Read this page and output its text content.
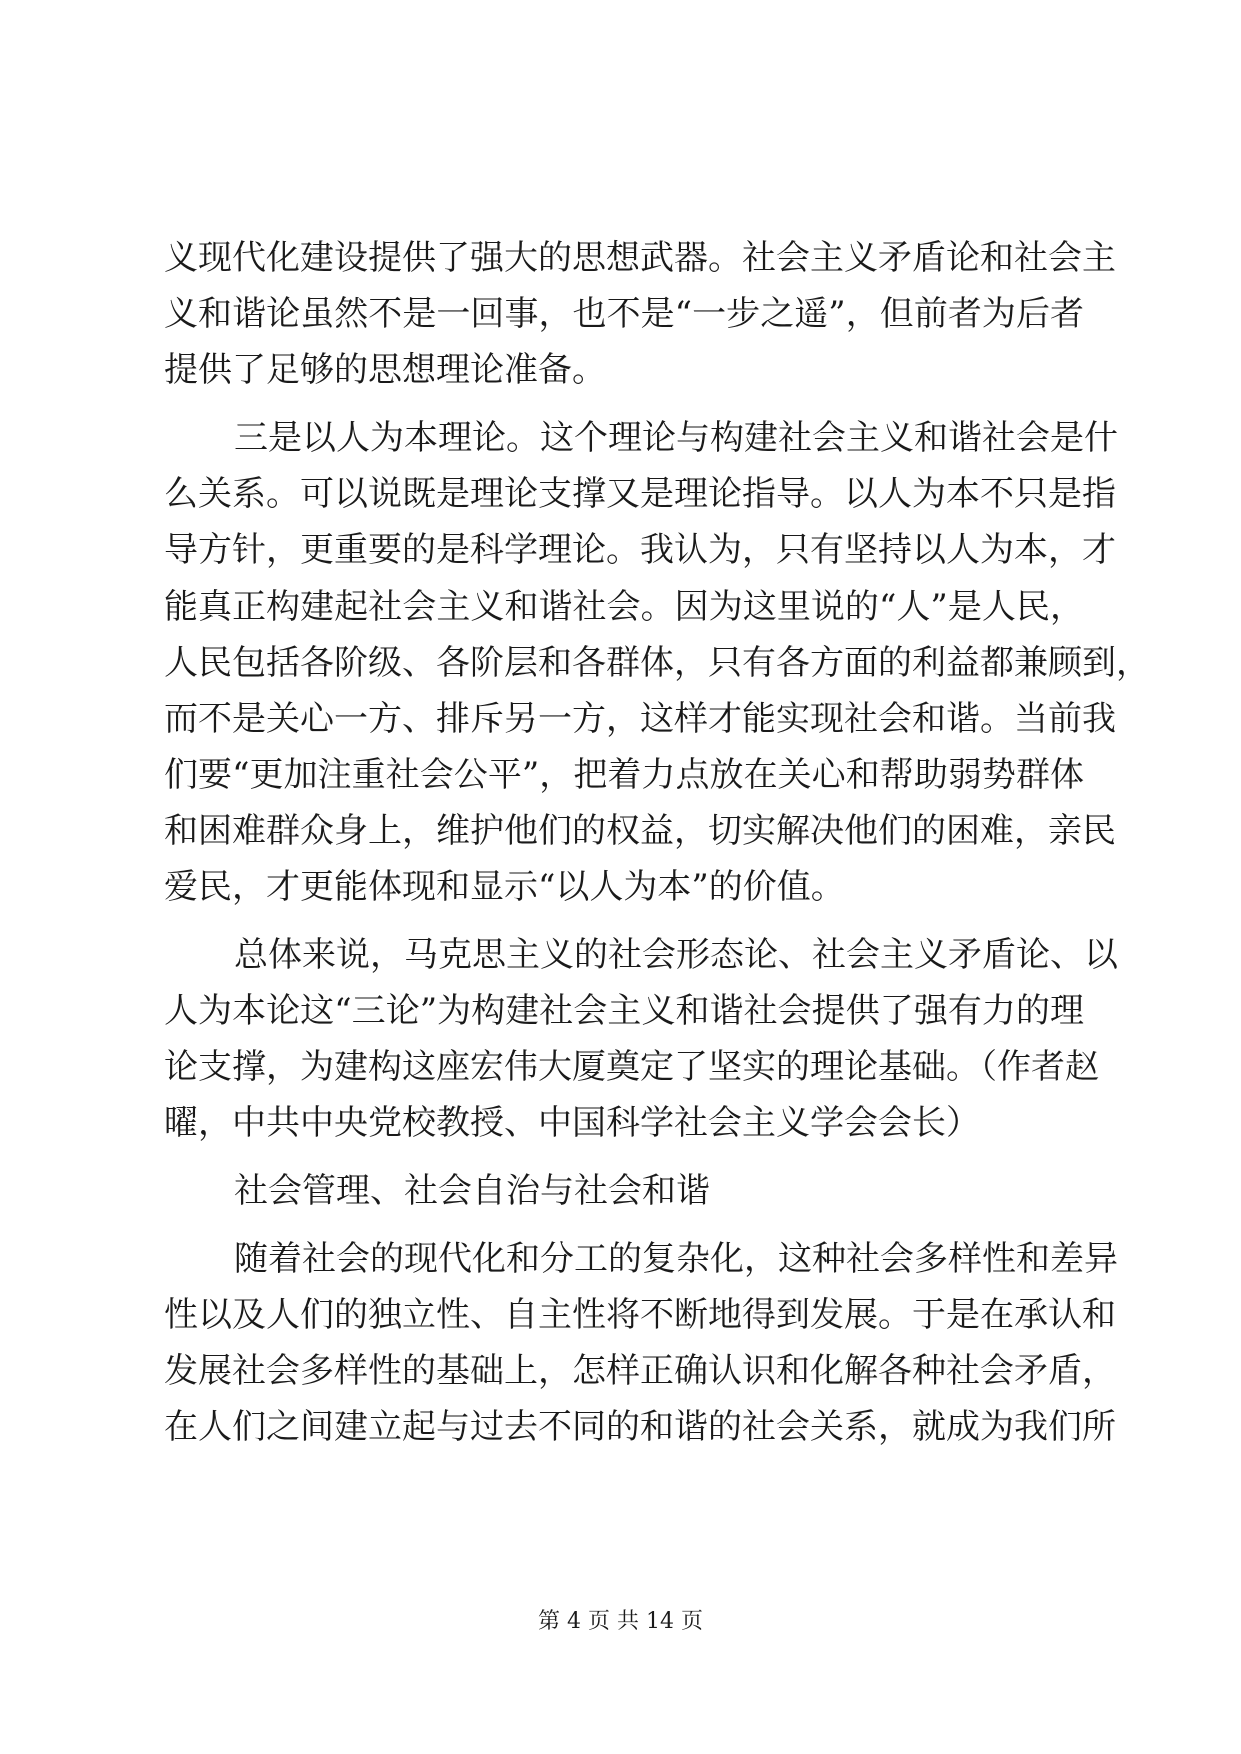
义现代化建设提供了强大的思想武器。社会主义矛盾论和社会主
义和谐论虽然不是一回事，也不是“一步之遥”，但前者为后者
提供了足够的思想理论准备。
三是以人为本理论。这个理论与构建社会主义和谐社会是什
么关系。可以说既是理论支撑又是理论指导。以人为本不只是指
导方针，更重要的是科学理论。我认为，只有坚持以人为本，才
能真正构建起社会主义和谐社会。因为这里说的“人”是人民，
人民包括各阶级、各阶层和各群体，只有各方面的利益都兼顾到，
而不是关心一方、排斥另一方，这样才能实现社会和谐。当前我
们要“更加注重社会公平”，把着力点放在关心和帮助弱势群体
和困难群众身上，维护他们的权益，切实解决他们的困难，亲民
爱民，才更能体现和显示“以人为本”的价值。
总体来说，马克思主义的社会形态论、社会主义矛盾论、以
人为本论这“三论”为构建社会主义和谐社会提供了强有力的理
论支撑，为建构这座宏伟大厦奠定了坚实的理论基础。（作者赵
曜，中共中央党校教授、中国科学社会主义学会会长）
社会管理、社会自治与社会和谐
随着社会的现代化和分工的复杂化，这种社会多样性和差异
性以及人们的独立性、自主性将不断地得到发展。于是在承认和
发展社会多样性的基础上，怎样正确认识和化解各种社会矛盾，
在人们之间建立起与过去不同的和谐的社会关系，就成为我们所
第 4 页 共 14 页
